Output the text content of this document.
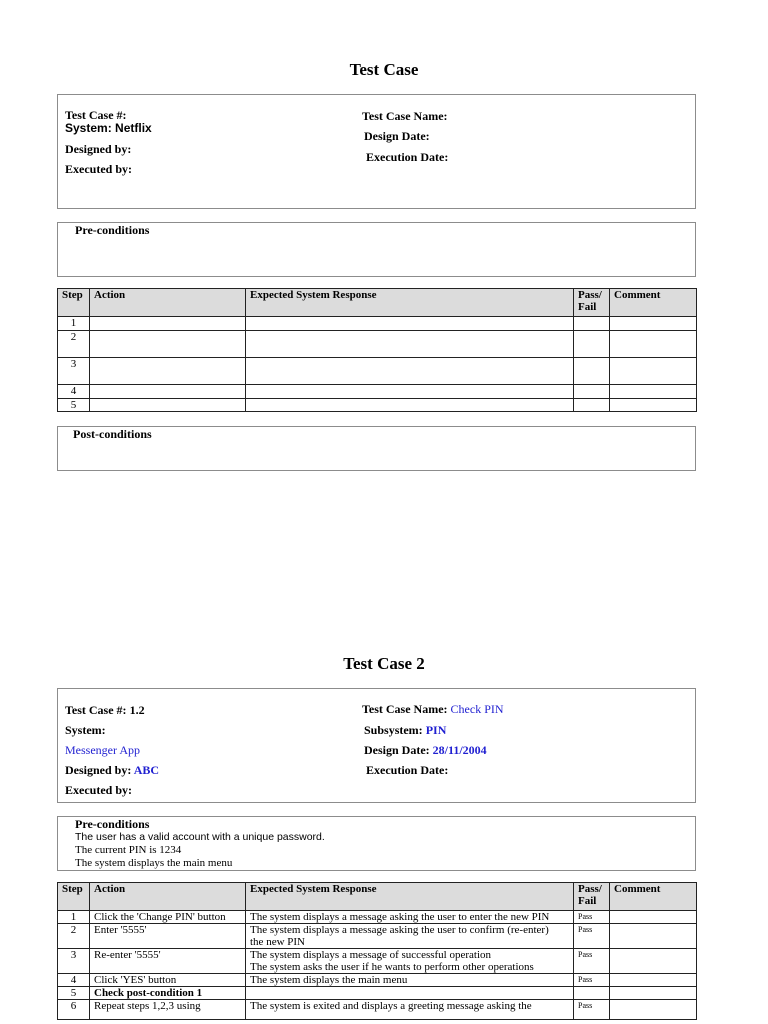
Test Case
Test Case #:
System: Netflix
Designed by:
Executed by:
Test Case Name:
Design Date:
Execution Date:
Pre-conditions
Step	Action	Expected System Response	Pass/ Fail	Comment
1				
2				
3				
4				
5				
Post-conditions
Test Case 2
Test Case #: 1.2
System:
Messenger App
Designed by: ABC
Executed by:
Test Case Name: Check PIN
Subsystem: PIN
Design Date: 28/11/2004
Execution Date:
Pre-conditions
The user has a valid account with a unique password.
The current PIN is 1234
The system displays the main menu
Step	Action	Expected System Response	Pass/ Fail	Comment
1	Click the 'Change PIN' button	The system displays a message asking the user to enter the new PIN	Pass	
2	Enter '5555'	The system displays a message asking the user to confirm (re-enter)
the new PIN	Pass	
3	Re-enter '5555'	The system displays a message of successful operation
The system asks the user if he wants to perform other operations	Pass	
4	Click 'YES' button	The system displays the main menu	Pass	
5	Check post-condition 1			
6	Repeat steps 1,2,3 using	The system is exited and displays a greeting message asking the	Pass	
